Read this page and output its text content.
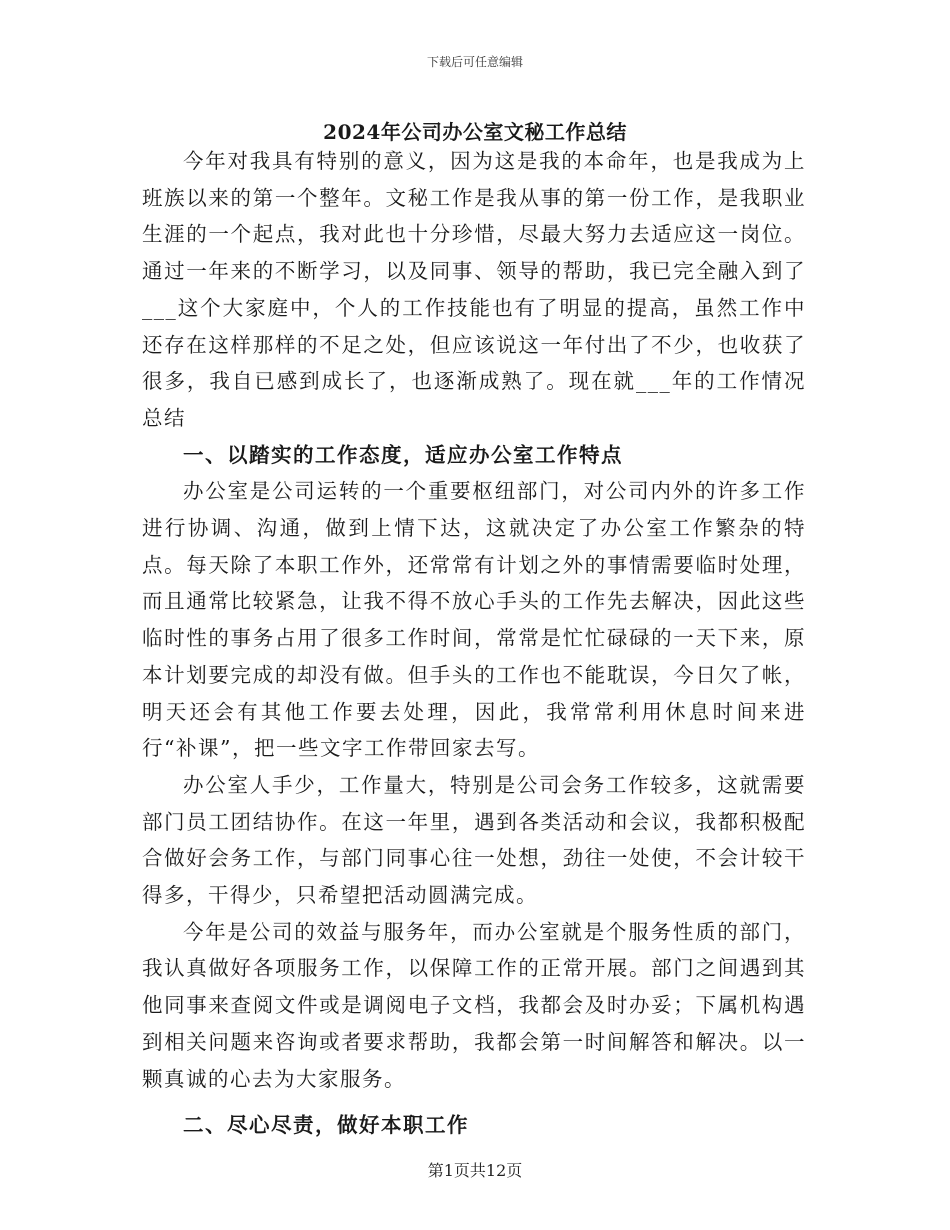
下载后可任意编辑
2024年公司办公室文秘工作总结

今年对我具有特别的意义，因为这是我的本命年，也是我成为上班族以来的第一个整年。文秘工作是我从事的第一份工作，是我职业生涯的一个起点，我对此也十分珍惜，尽最大努力去适应这一岗位。通过一年来的不断学习，以及同事、领导的帮助，我已完全融入到了___这个大家庭中，个人的工作技能也有了明显的提高，虽然工作中还存在这样那样的不足之处，但应该说这一年付出了不少，也收获了很多，我自已感到成长了，也逐渐成熟了。现在就___年的工作情况总结

一、以踏实的工作态度，适应办公室工作特点

办公室是公司运转的一个重要枢纽部门，对公司内外的许多工作进行协调、沟通，做到上情下达，这就决定了办公室工作繁杂的特点。每天除了本职工作外，还常常有计划之外的事情需要临时处理，而且通常比较紧急，让我不得不放心手头的工作先去解决，因此这些临时性的事务占用了很多工作时间，常常是忙忙碌碌的一天下来，原本计划要完成的却没有做。但手头的工作也不能耽误，今日欠了帐，明天还会有其他工作要去处理，因此，我常常利用休息时间来进行“补课”，把一些文字工作带回家去写。

办公室人手少，工作量大，特别是公司会务工作较多，这就需要部门员工团结协作。在这一年里，遇到各类活动和会议，我都积极配合做好会务工作，与部门同事心往一处想，劲往一处使，不会计较干得多，干得少，只希望把活动圆满完成。

今年是公司的效益与服务年，而办公室就是个服务性质的部门，我认真做好各项服务工作，以保障工作的正常开展。部门之间遇到其他同事来查阅文件或是调阅电子文档，我都会及时办妥；下属机构遇到相关问题来咨询或者要求帮助，我都会第一时间解答和解决。以一颗真诚的心去为大家服务。

二、尽心尽责，做好本职工作

第1页共12页
